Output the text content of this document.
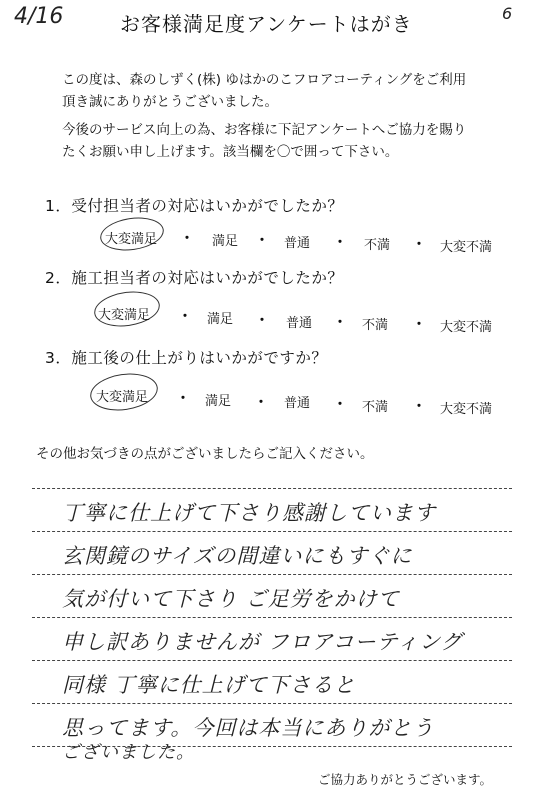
4/16	6
お客様満足度アンケートはがき
この度は、森のしずく(株) ゆはかのこフロアコーティングをご利用
頂き誠にありがとうございました。
今後のサービス向上の為、お客様に下記アンケートへご協力を賜り
たくお願い申し上げます。該当欄を〇で囲って下さい。
1．受付担当者の対応はいかがでしたか？
大変満足 ・ 満足 ・ 普通 ・ 不満 ・ 大変不満
2．施工担当者の対応はいかがでしたか？
大変満足 ・ 満足 ・ 普通 ・ 不満 ・ 大変不満
3．施工後の仕上がりはいかがですか？
大変満足 ・ 満足 ・ 普通 ・ 不満 ・ 大変不満
その他お気づきの点がございましたらご記入ください。
丁寧に仕上げて下さり感謝しています
玄関鏡のサイズの間違いにもすぐに
気が付いて下さり ご足労をかけて
申し訳ありませんが フロアコーティング
同様 丁寧に仕上げて下さると
思ってます。今回は本当にありがとう
ございました。
ご協力ありがとうございます。
